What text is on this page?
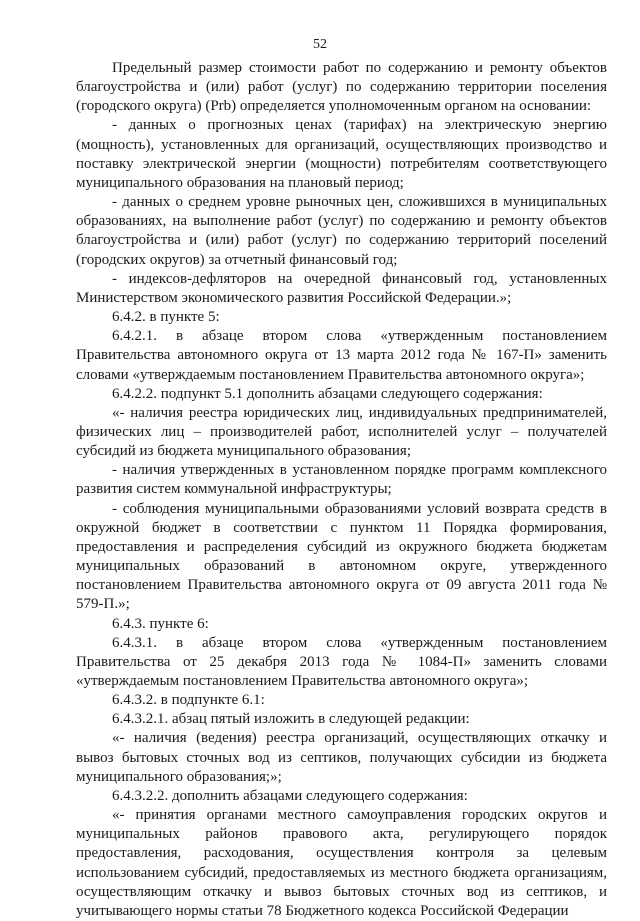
52

Предельный размер стоимости работ по содержанию и ремонту объектов благоустройства и (или) работ (услуг) по содержанию территории поселения (городского округа) (Prb) определяется уполномоченным органом на основании:

- данных о прогнозных ценах (тарифах) на электрическую энергию (мощность), установленных для организаций, осуществляющих производство и поставку электрической энергии (мощности) потребителям соответствующего муниципального образования на плановый период;

- данных о среднем уровне рыночных цен, сложившихся в муниципальных образованиях, на выполнение работ (услуг) по содержанию и ремонту объектов благоустройства и (или) работ (услуг) по содержанию территорий поселений (городских округов) за отчетный финансовый год;

- индексов-дефляторов на очередной финансовый год, установленных Министерством экономического развития Российской Федерации.»;

6.4.2. в пункте 5:

6.4.2.1. в абзаце втором слова «утвержденным постановлением Правительства автономного округа от 13 марта 2012 года № 167-П» заменить словами «утверждаемым постановлением Правительства автономного округа»;

6.4.2.2. подпункт 5.1 дополнить абзацами следующего содержания:

«- наличия реестра юридических лиц, индивидуальных предпринимателей, физических лиц – производителей работ, исполнителей услуг – получателей субсидий из бюджета муниципального образования;

- наличия утвержденных в установленном порядке программ комплексного развития систем коммунальной инфраструктуры;

- соблюдения муниципальными образованиями условий возврата средств в окружной бюджет в соответствии с пунктом 11 Порядка формирования, предоставления и распределения субсидий из окружного бюджета бюджетам муниципальных образований в автономном округе, утвержденного постановлением Правительства автономного округа от 09 августа 2011 года № 579-П.»;

6.4.3. пункте 6:

6.4.3.1. в абзаце втором слова «утвержденным постановлением Правительства от 25 декабря 2013 года № 1084-П» заменить словами «утверждаемым постановлением Правительства автономного округа»;

6.4.3.2. в подпункте 6.1:

6.4.3.2.1. абзац пятый изложить в следующей редакции:

«- наличия (ведения) реестра организаций, осуществляющих откачку и вывоз бытовых сточных вод из септиков, получающих субсидии из бюджета муниципального образования;»;

6.4.3.2.2. дополнить абзацами следующего содержания:

«- принятия органами местного самоуправления городских округов и муниципальных районов правового акта, регулирующего порядок предоставления, расходования, осуществления контроля за целевым использованием субсидий, предоставляемых из местного бюджета организациям, осуществляющим откачку и вывоз бытовых сточных вод из септиков, и учитывающего нормы статьи 78 Бюджетного кодекса Российской Федерации
